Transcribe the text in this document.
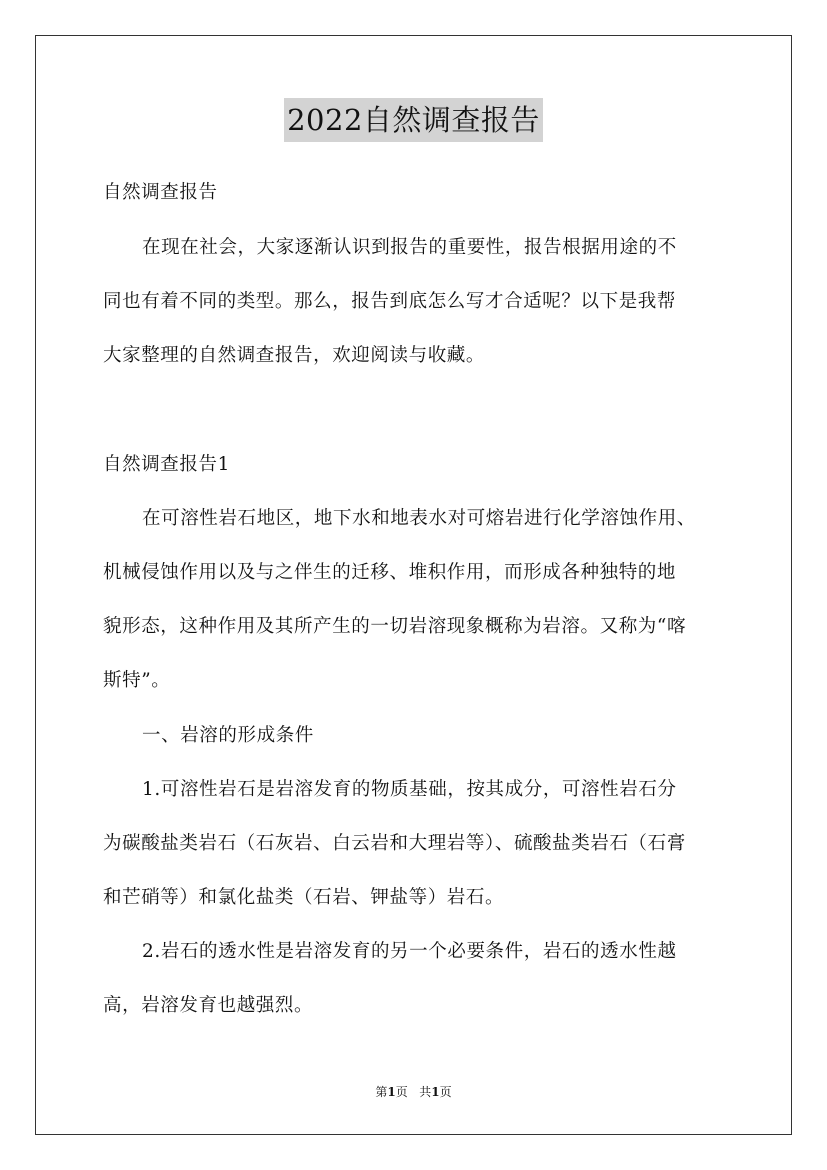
2022自然调查报告
自然调查报告
在现在社会，大家逐渐认识到报告的重要性，报告根据用途的不
同也有着不同的类型。那么，报告到底怎么写才合适呢？以下是我帮
大家整理的自然调查报告，欢迎阅读与收藏。
自然调查报告1
在可溶性岩石地区，地下水和地表水对可熔岩进行化学溶蚀作用、
机械侵蚀作用以及与之伴生的迁移、堆积作用，而形成各种独特的地
貌形态，这种作用及其所产生的一切岩溶现象概称为岩溶。又称为“喀
斯特”。
一、岩溶的形成条件
1.可溶性岩石是岩溶发育的物质基础，按其成分，可溶性岩石分
为碳酸盐类岩石（石灰岩、白云岩和大理岩等）、硫酸盐类岩石（石膏
和芒硝等）和氯化盐类（石岩、钾盐等）岩石。
2.岩石的透水性是岩溶发育的另一个必要条件，岩石的透水性越
高，岩溶发育也越强烈。
第1页 共1页
